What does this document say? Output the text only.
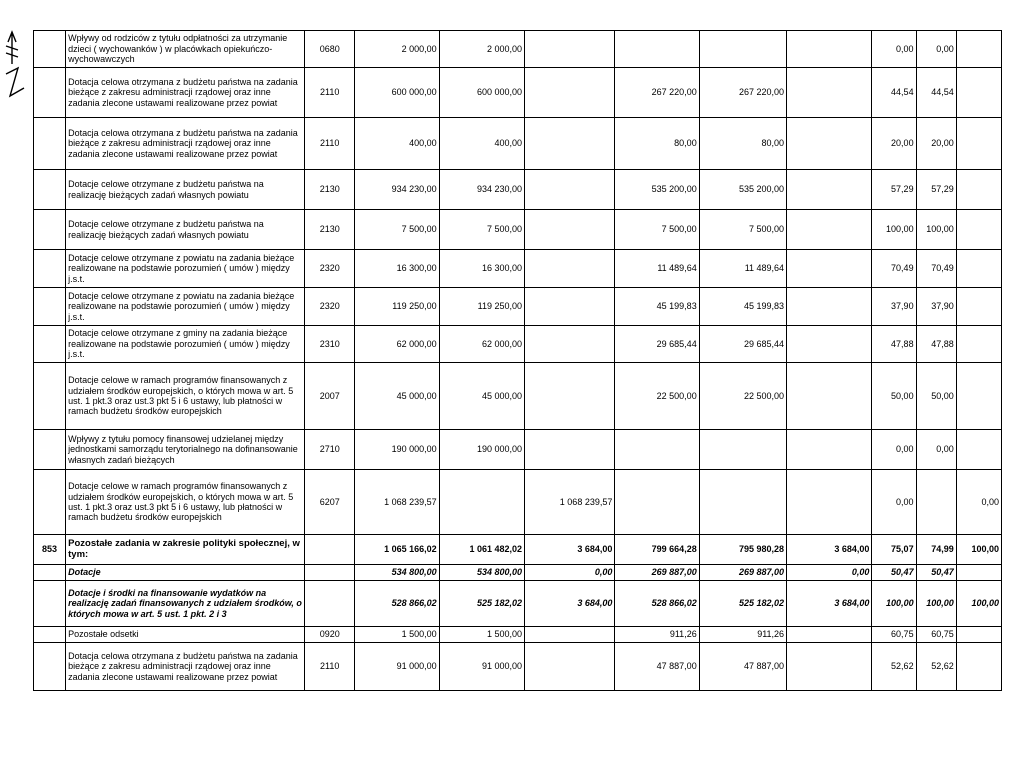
	Wpływy od rodziców z tytułu odpłatności za utrzymanie dzieci ( wychowanków ) w placówkach opiekuńczo-wychowawczych	0680	2 000,00	2 000,00					0,00	0,00	
	Dotacja celowa otrzymana z budżetu państwa na zadania bieżące z zakresu administracji rządowej oraz inne zadania zlecone ustawami realizowane przez powiat	2110	600 000,00	600 000,00		267 220,00	267 220,00		44,54	44,54	
	Dotacja celowa otrzymana z budżetu państwa na zadania bieżące z zakresu administracji rządowej oraz inne zadania zlecone ustawami realizowane przez powiat	2110	400,00	400,00		80,00	80,00		20,00	20,00	
	Dotacje celowe otrzymane z budżetu państwa na realizację bieżących zadań własnych powiatu	2130	934 230,00	934 230,00		535 200,00	535 200,00		57,29	57,29	
	Dotacje celowe otrzymane z budżetu państwa na realizację bieżących zadań własnych powiatu	2130	7 500,00	7 500,00		7 500,00	7 500,00		100,00	100,00	
	Dotacje celowe otrzymane z powiatu na zadania bieżące realizowane na podstawie porozumień ( umów ) między j.s.t.	2320	16 300,00	16 300,00		11 489,64	11 489,64		70,49	70,49	
	Dotacje celowe otrzymane z powiatu na zadania bieżące realizowane na podstawie porozumień ( umów ) między j.s.t.	2320	119 250,00	119 250,00		45 199,83	45 199,83		37,90	37,90	
	Dotacje celowe otrzymane z gminy na zadania bieżące realizowane na podstawie porozumień ( umów ) między j.s.t.	2310	62 000,00	62 000,00		29 685,44	29 685,44		47,88	47,88	
	Dotacje celowe w ramach programów finansowanych z udziałem środków europejskich, o których mowa w art. 5 ust. 1 pkt.3 oraz ust.3 pkt 5 i 6 ustawy, lub płatności w ramach budżetu środków europejskich	2007	45 000,00	45 000,00		22 500,00	22 500,00		50,00	50,00	
	Wpływy z tytułu pomocy finansowej udzielanej między jednostkami samorządu terytorialnego na dofinansowanie własnych zadań bieżących	2710	190 000,00	190 000,00					0,00	0,00	
	Dotacje celowe w ramach programów finansowanych z udziałem środków europejskich, o których mowa w art. 5 ust. 1 pkt.3 oraz ust.3 pkt 5 i 6 ustawy, lub płatności w ramach budżetu środków europejskich	6207	1 068 239,57		1 068 239,57				0,00		0,00
853	Pozostałe zadania w zakresie polityki społecznej, w tym:		1 065 166,02	1 061 482,02	3 684,00	799 664,28	795 980,28	3 684,00	75,07	74,99	100,00
	Dotacje		534 800,00	534 800,00	0,00	269 887,00	269 887,00	0,00	50,47	50,47	
	Dotacje i środki na finansowanie wydatków na realizację zadań finansowanych z udziałem środków, o których mowa w art. 5 ust. 1 pkt. 2 i 3		528 866,02	525 182,02	3 684,00	528 866,02	525 182,02	3 684,00	100,00	100,00	100,00
	Pozostałe odsetki	0920	1 500,00	1 500,00		911,26	911,26		60,75	60,75	
	Dotacja celowa otrzymana z budżetu państwa na zadania bieżące z zakresu administracji rządowej oraz inne zadania zlecone ustawami realizowane przez powiat	2110	91 000,00	91 000,00		47 887,00	47 887,00		52,62	52,62	
